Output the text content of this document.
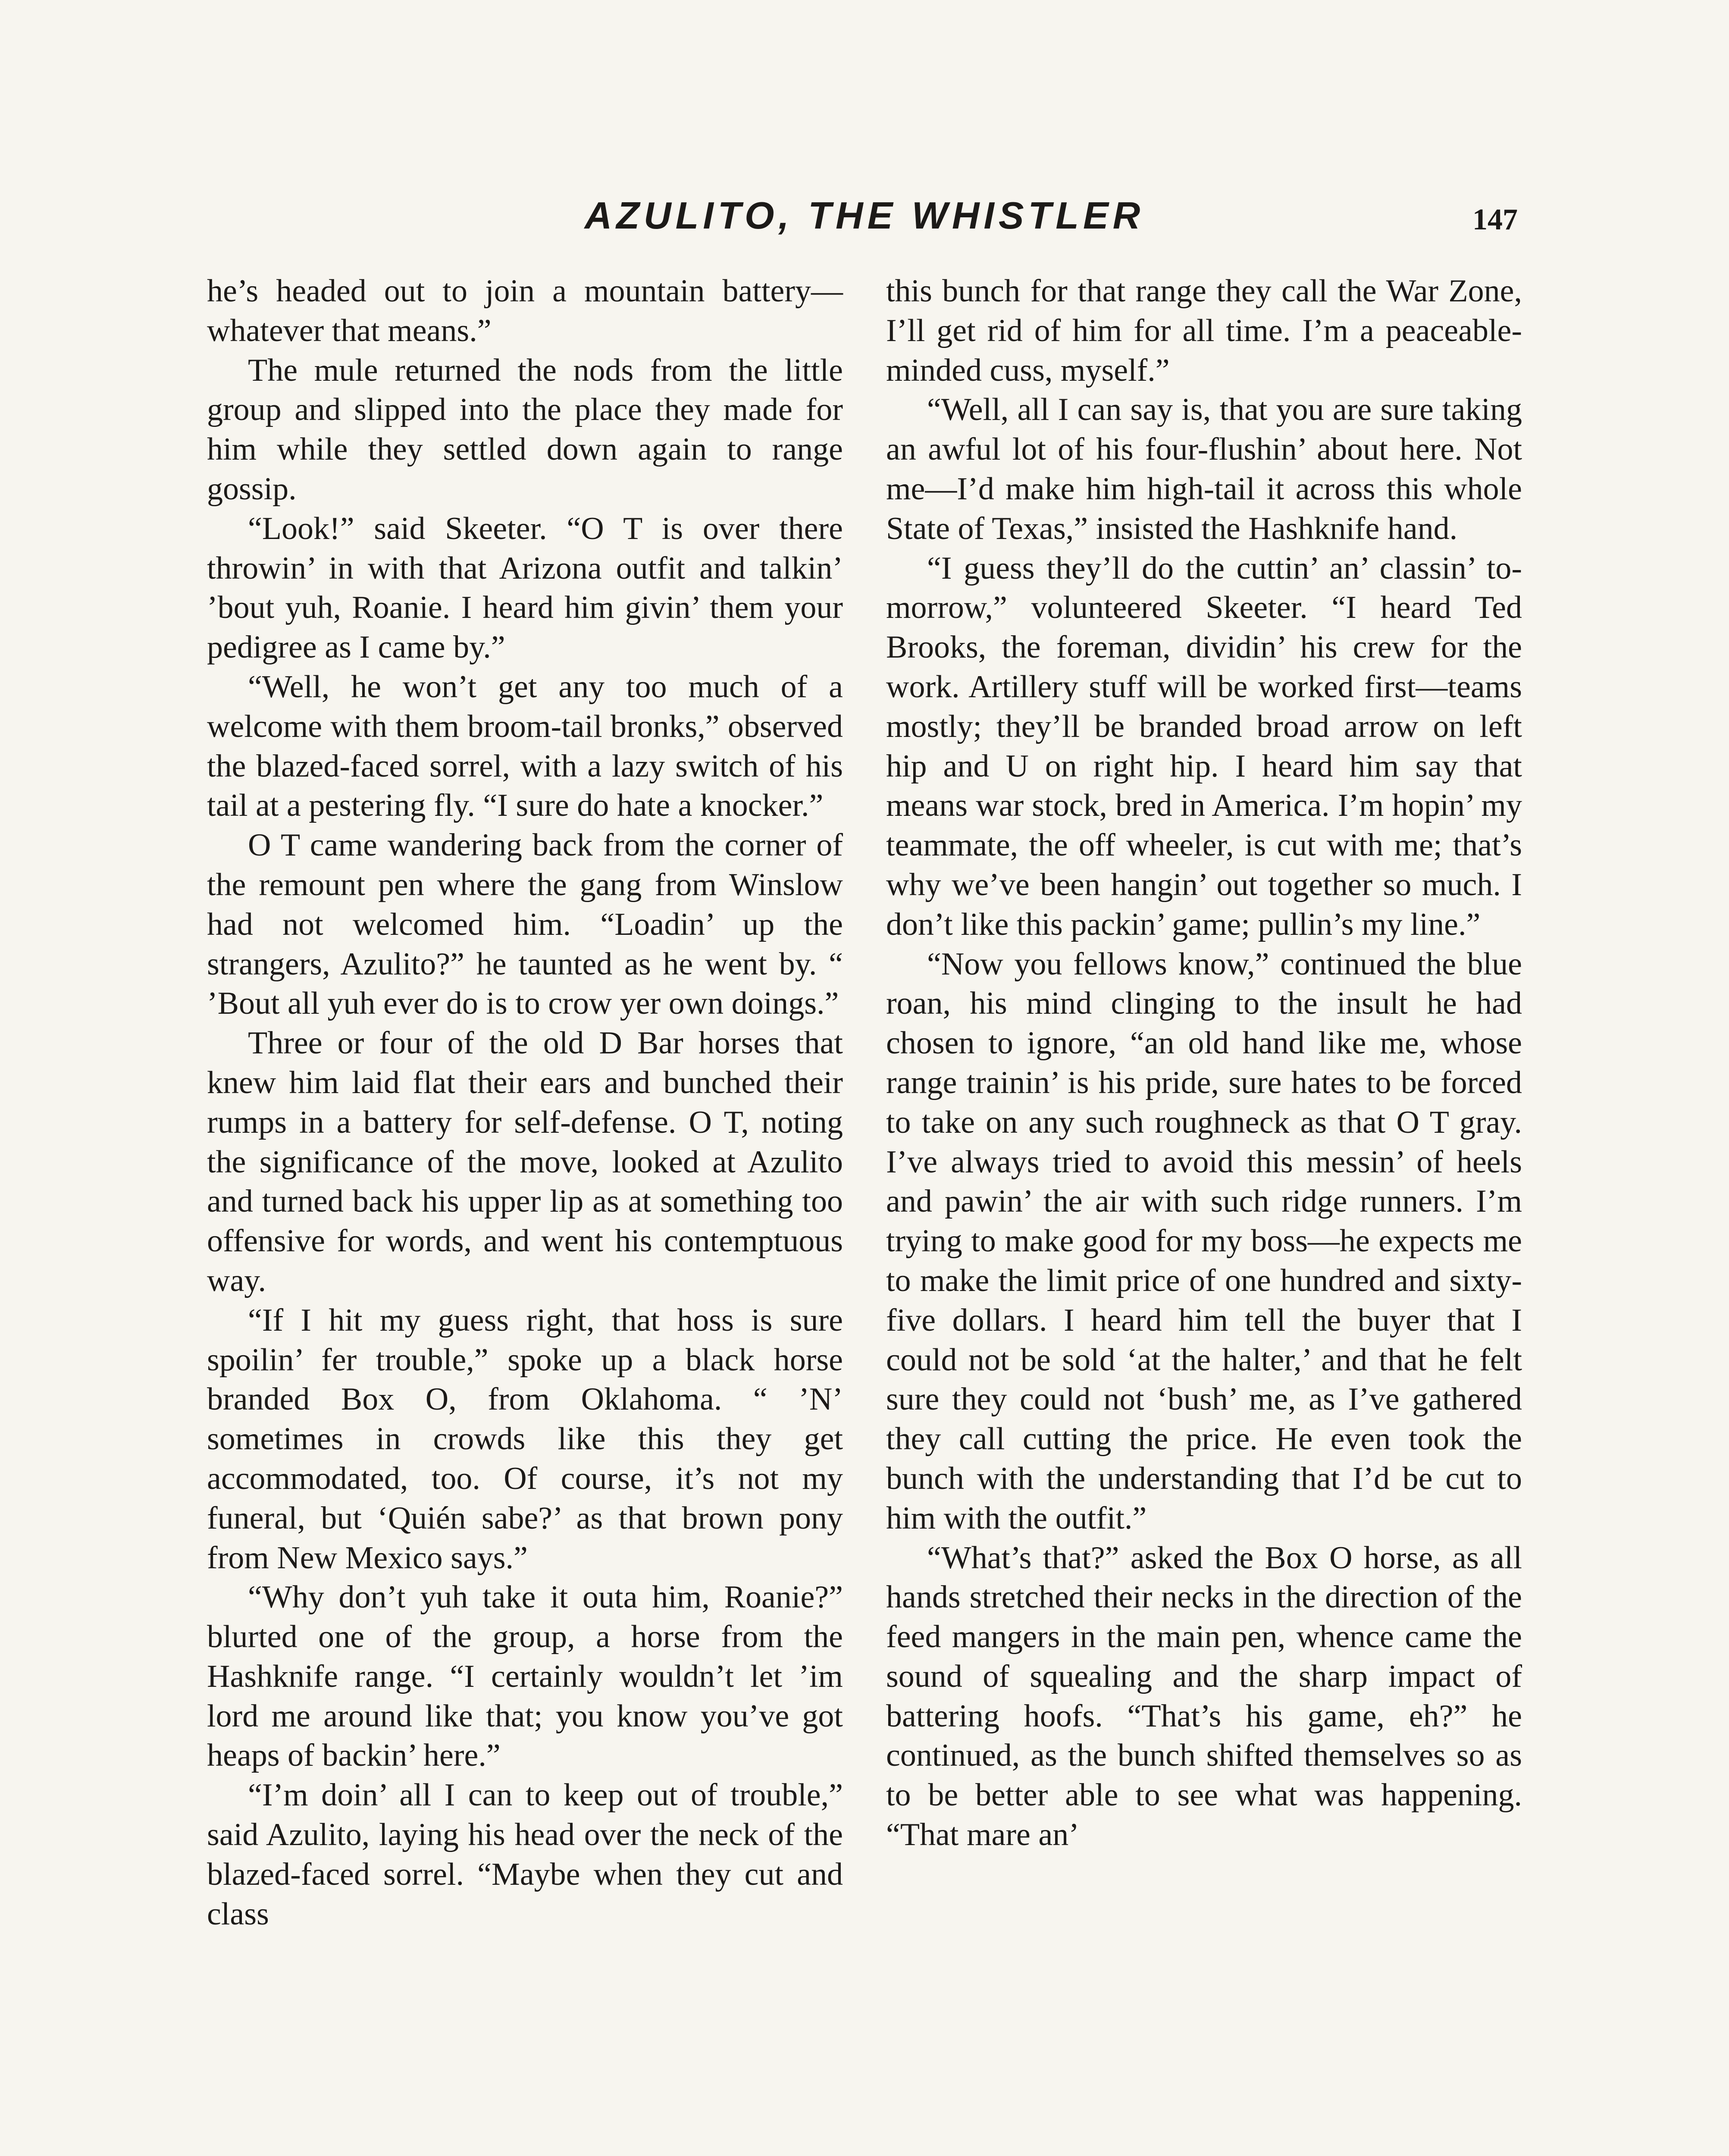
AZULITO, THE WHISTLER	147

he’s headed out to join a mountain battery—whatever that means.”

The mule returned the nods from the little group and slipped into the place they made for him while they settled down again to range gossip.

“Look!” said Skeeter. “O T is over there throwin’ in with that Arizona outfit and talkin’ ’bout yuh, Roanie. I heard him givin’ them your pedigree as I came by.”

“Well, he won’t get any too much of a welcome with them broom-tail bronks,” observed the blazed-faced sorrel, with a lazy switch of his tail at a pestering fly. “I sure do hate a knocker.”

O T came wandering back from the corner of the remount pen where the gang from Winslow had not welcomed him. “Loadin’ up the strangers, Azulito?” he taunted as he went by. “ ’Bout all yuh ever do is to crow yer own doings.”

Three or four of the old D Bar horses that knew him laid flat their ears and bunched their rumps in a battery for self-defense. O T, noting the significance of the move, looked at Azulito and turned back his upper lip as at something too offensive for words, and went his contemptuous way.

“If I hit my guess right, that hoss is sure spoilin’ fer trouble,” spoke up a black horse branded Box O, from Oklahoma. “ ’N’ sometimes in crowds like this they get accommodated, too. Of course, it’s not my funeral, but ‘Quién sabe?’ as that brown pony from New Mexico says.”

“Why don’t yuh take it outa him, Roanie?” blurted one of the group, a horse from the Hashknife range. “I certainly wouldn’t let ’im lord me around like that; you know you’ve got heaps of backin’ here.”

“I’m doin’ all I can to keep out of trouble,” said Azulito, laying his head over the neck of the blazed-faced sorrel. “Maybe when they cut and class

this bunch for that range they call the War Zone, I’ll get rid of him for all time. I’m a peaceable-minded cuss, myself.”

“Well, all I can say is, that you are sure taking an awful lot of his four-flushin’ about here. Not me—I’d make him high-tail it across this whole State of Texas,” insisted the Hashknife hand.

“I guess they’ll do the cuttin’ an’ classin’ to-morrow,” volunteered Skeeter. “I heard Ted Brooks, the foreman, dividin’ his crew for the work. Artillery stuff will be worked first—teams mostly; they’ll be branded broad arrow on left hip and U on right hip. I heard him say that means war stock, bred in America. I’m hopin’ my teammate, the off wheeler, is cut with me; that’s why we’ve been hangin’ out together so much. I don’t like this packin’ game; pullin’s my line.”

“Now you fellows know,” continued the blue roan, his mind clinging to the insult he had chosen to ignore, “an old hand like me, whose range trainin’ is his pride, sure hates to be forced to take on any such roughneck as that O T gray. I’ve always tried to avoid this messin’ of heels and pawin’ the air with such ridge runners. I’m trying to make good for my boss—he expects me to make the limit price of one hundred and sixty-five dollars. I heard him tell the buyer that I could not be sold ‘at the halter,’ and that he felt sure they could not ‘bush’ me, as I’ve gathered they call cutting the price. He even took the bunch with the understanding that I’d be cut to him with the outfit.”

“What’s that?” asked the Box O horse, as all hands stretched their necks in the direction of the feed mangers in the main pen, whence came the sound of squealing and the sharp impact of battering hoofs. “That’s his game, eh?” he continued, as the bunch shifted themselves so as to be better able to see what was happening. “That mare an’
